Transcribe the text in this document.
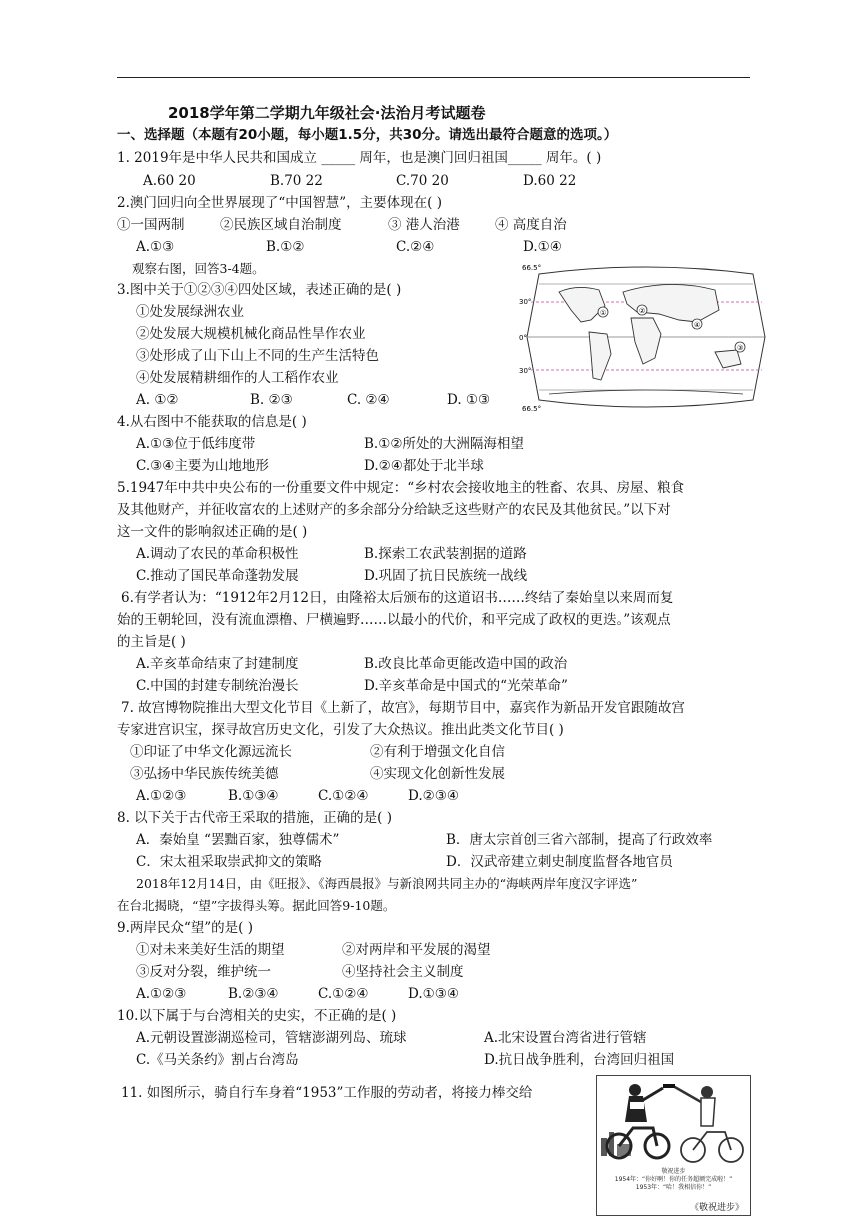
2018学年第二学期九年级社会·法治月考试题卷
一、选择题（本题有20小题，每小题1.5分，共30分。请选出最符合题意的选项。）
1. 2019年是中华人民共和国成立 _____ 周年，也是澳门回归祖国_____ 周年。( )
A.60 20	B.70 22	C.70 20	D.60 22
2.澳门回归向全世界展现了“中国智慧”，主要体现在( )
①一国两制	②民族区域自治制度	③ 港人治港	④ 高度自治
A.①③	B.①②	C.②④	D.①④
观察右图，回答3-4题。
3.图中关于①②③④四处区域，表述正确的是( )
①处发展绿洲农业
②处发展大规模机械化商品性旱作农业
③处形成了山下山上不同的生产生活特色
④处发展精耕细作的人工稻作农业
A. ①②	B. ②③	C. ②④	D. ①③
①	②
③
④
66.5°
30°
0°
30°
66.5°
4.从右图中不能获取的信息是( )
A.①③位于低纬度带	B.①②所处的大洲隔海相望
C.③④主要为山地地形	D.②④都处于北半球
5.1947年中共中央公布的一份重要文件中规定：“乡村农会接收地主的牲畜、农具、房屋、粮食
及其他财产，并征收富农的上述财产的多余部分分给缺乏这些财产的农民及其他贫民。”以下对
这一文件的影响叙述正确的是( )
A.调动了农民的革命积极性	B.探索工农武装割据的道路
C.推动了国民革命蓬勃发展	D.巩固了抗日民族统一战线
6.有学者认为：“1912年2月12日，由隆裕太后颁布的这道诏书……终结了秦始皇以来周而复
始的王朝轮回，没有流血漂橹、尸横遍野……以最小的代价，和平完成了政权的更迭。”该观点
的主旨是( )
A.辛亥革命结束了封建制度	B.改良比革命更能改造中国的政治
C.中国的封建专制统治漫长	D.辛亥革命是中国式的“光荣革命”
7. 故宫博物院推出大型文化节目《上新了，故宫》，每期节目中，嘉宾作为新品开发官跟随故宫
专家进宫识宝，探寻故宫历史文化，引发了大众热议。推出此类文化节目( )
①印证了中华文化源远流长	②有利于增强文化自信
③弘扬中华民族传统美德	④实现文化创新性发展
A.①②③	B.①③④	C.①②④	D.②③④
8. 以下关于古代帝王采取的措施，正确的是( )
A．秦始皇 “罢黜百家，独尊儒术”	B．唐太宗首创三省六部制，提高了行政效率
C．宋太祖采取崇武抑文的策略	D．汉武帝建立刺史制度监督各地官员
2018年12月14日，由《旺报》、《海西晨报》与新浪网共同主办的“海峡两岸年度汉字评选”
在台北揭晓，“望”字拔得头筹。据此回答9-10题。
9.两岸民众“望”的是( )
①对未来美好生活的期望	②对两岸和平发展的渴望
③反对分裂，维护统一	④坚持社会主义制度
A.①②③	B.②③④	C.①②④	D.①③④
10.以下属于与台湾相关的史实，不正确的是( )
A.元朝设置澎湖巡检司，管辖澎湖列岛、琉球	A.北宋设置台湾省进行管辖
C.《马关条约》割占台湾岛	D.抗日战争胜利，台湾回归祖国
11. 如图所示，骑自行车身着“1953”工作服的劳动者，将接力棒交给
敬祝进步
1954年：“你好啊！你的任务超额完成啦！”
1953年：“哈！我相信你！”
《敬祝进步》
